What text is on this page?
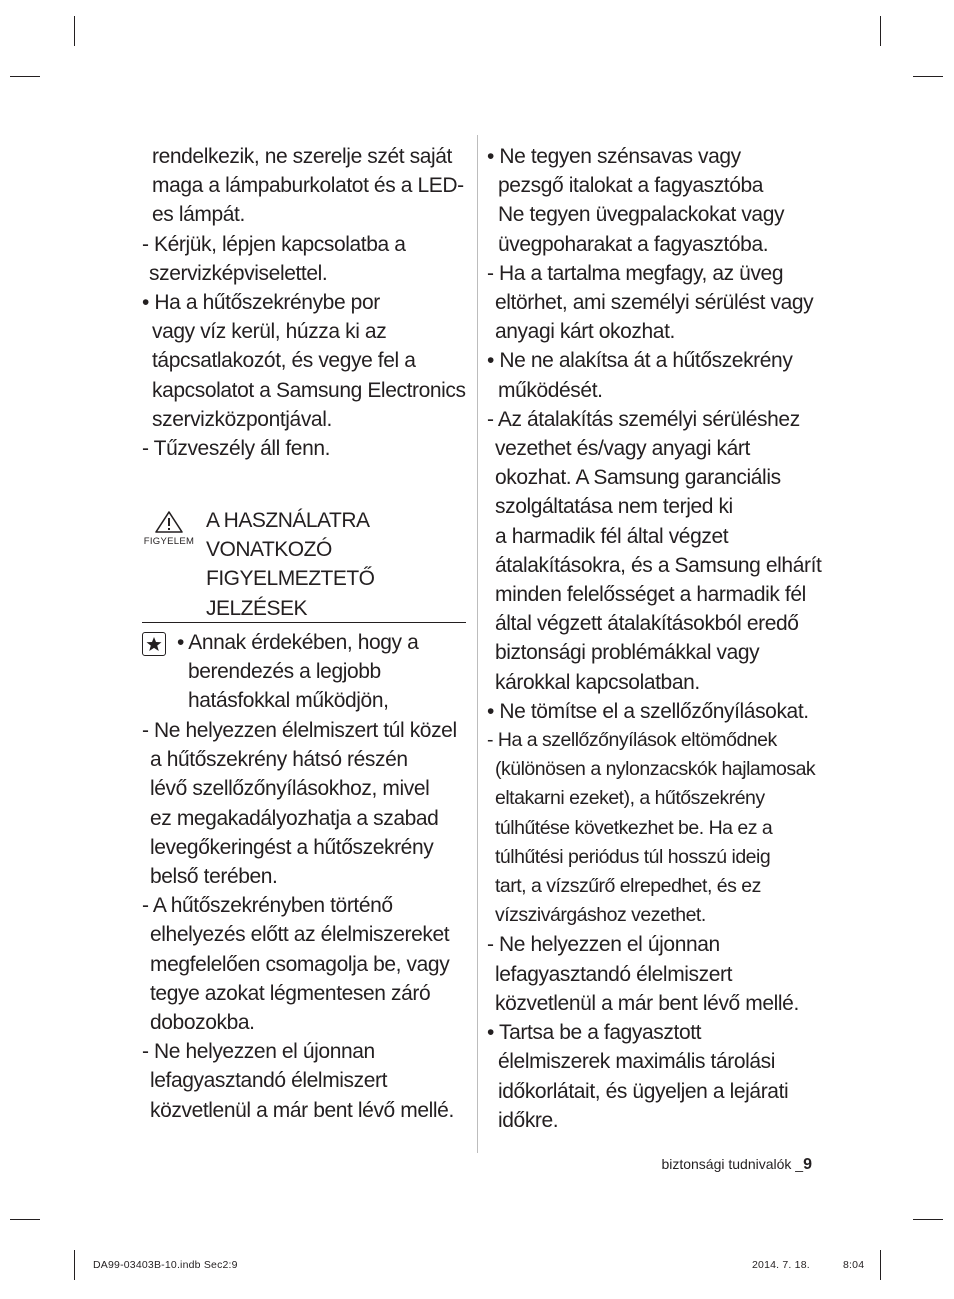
rendelkezik, ne szerelje szét saját

maga a lámpaburkolatot és a LED-

es lámpát.

- Kérjük, lépjen kapcsolatba a

szervizképviselettel.

• Ha a hűtőszekrénybe por

vagy víz kerül, húzza ki az

tápcsatlakozót, és vegye fel a

kapcsolatot a Samsung Electronics

szervizközpontjával.

- Tűzveszély áll fenn.

FIGYELEM

A HASZNÁLATRA

VONATKOZÓ

FIGYELMEZTETŐ

JELZÉSEK

• Annak érdekében, hogy a

berendezés a legjobb

hatásfokkal működjön,

- Ne helyezzen élelmiszert túl közel

a hűtőszekrény hátsó részén

lévő szellőzőnyílásokhoz, mivel

ez megakadályozhatja a szabad

levegőkeringést a hűtőszekrény

belső terében.

- A hűtőszekrényben történő

elhelyezés előtt az élelmiszereket

megfelelően csomagolja be, vagy

tegye azokat légmentesen záró

dobozokba.

- Ne helyezzen el újonnan

lefagyasztandó élelmiszert

közvetlenül a már bent lévő mellé.

• Ne tegyen szénsavas vagy

pezsgő italokat a fagyasztóba

Ne tegyen üvegpalackokat vagy

üvegpoharakat a fagyasztóba.

- Ha a tartalma megfagy, az üveg

eltörhet, ami személyi sérülést vagy

anyagi kárt okozhat.

• Ne ne alakítsa át a hűtőszekrény

működését.

- Az átalakítás személyi sérüléshez

vezethet és/vagy anyagi kárt

okozhat. A Samsung garanciális

szolgáltatása nem terjed ki

a harmadik fél által végzet

átalakításokra, és a Samsung elhárít

minden felelősséget a harmadik fél

által végzett átalakításokból eredő

biztonsági problémákkal vagy

károkkal kapcsolatban.

• Ne tömítse el a szellőzőnyílásokat.

- Ha a szellőzőnyílások eltömődnek

(különösen a nylonzacskók hajlamosak

eltakarni ezeket), a hűtőszekrény

túlhűtése következhet be. Ha ez a

túlhűtési periódus túl hosszú ideig

tart, a vízszűrő elrepedhet, és ez

vízszivárgáshoz vezethet.

- Ne helyezzen el újonnan

lefagyasztandó élelmiszert

közvetlenül a már bent lévő mellé.

• Tartsa be a fagyasztott

élelmiszerek maximális tárolási

időkorlátait, és ügyeljen a lejárati

időkre.

biztonsági tudnivalók _9
DA99-03403B-10.indb Sec2:9	2014. 7. 18.	8:04
